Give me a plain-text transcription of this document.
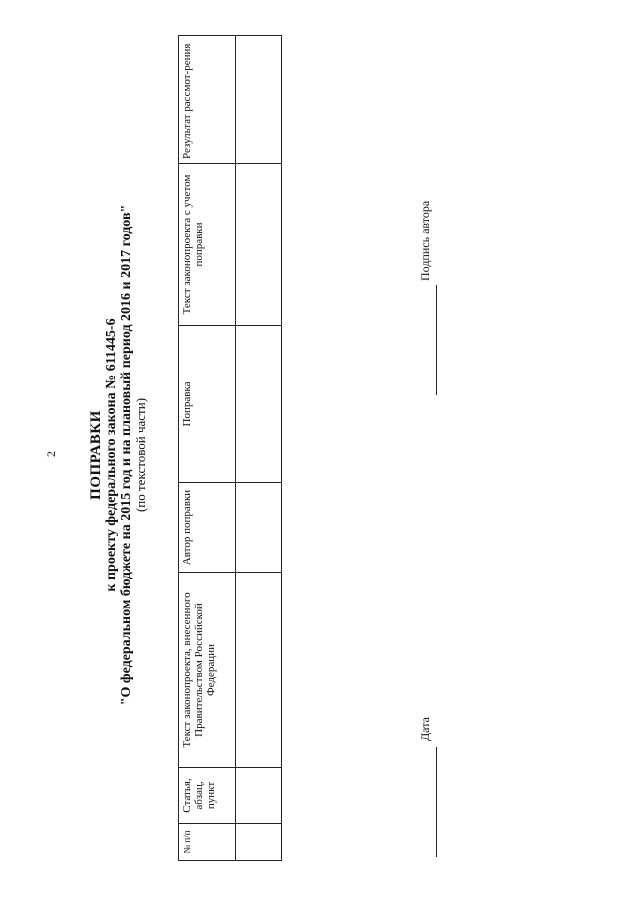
2 ПОПРАВКИ к проекту федерального закона № 611445-6 "О федеральном бюджете на 2015 год и на плановый период 2016 и 2017 годов" (по текстовой части)
№ п/п	Статья, абзац, пункт	Текст законопроекта, внесенного Правительством Российской Федерации	Автор поправки	Поправка	Текст законопроекта с учетом поправки	Результат рассмот-рения

Дата
Подпись автора
